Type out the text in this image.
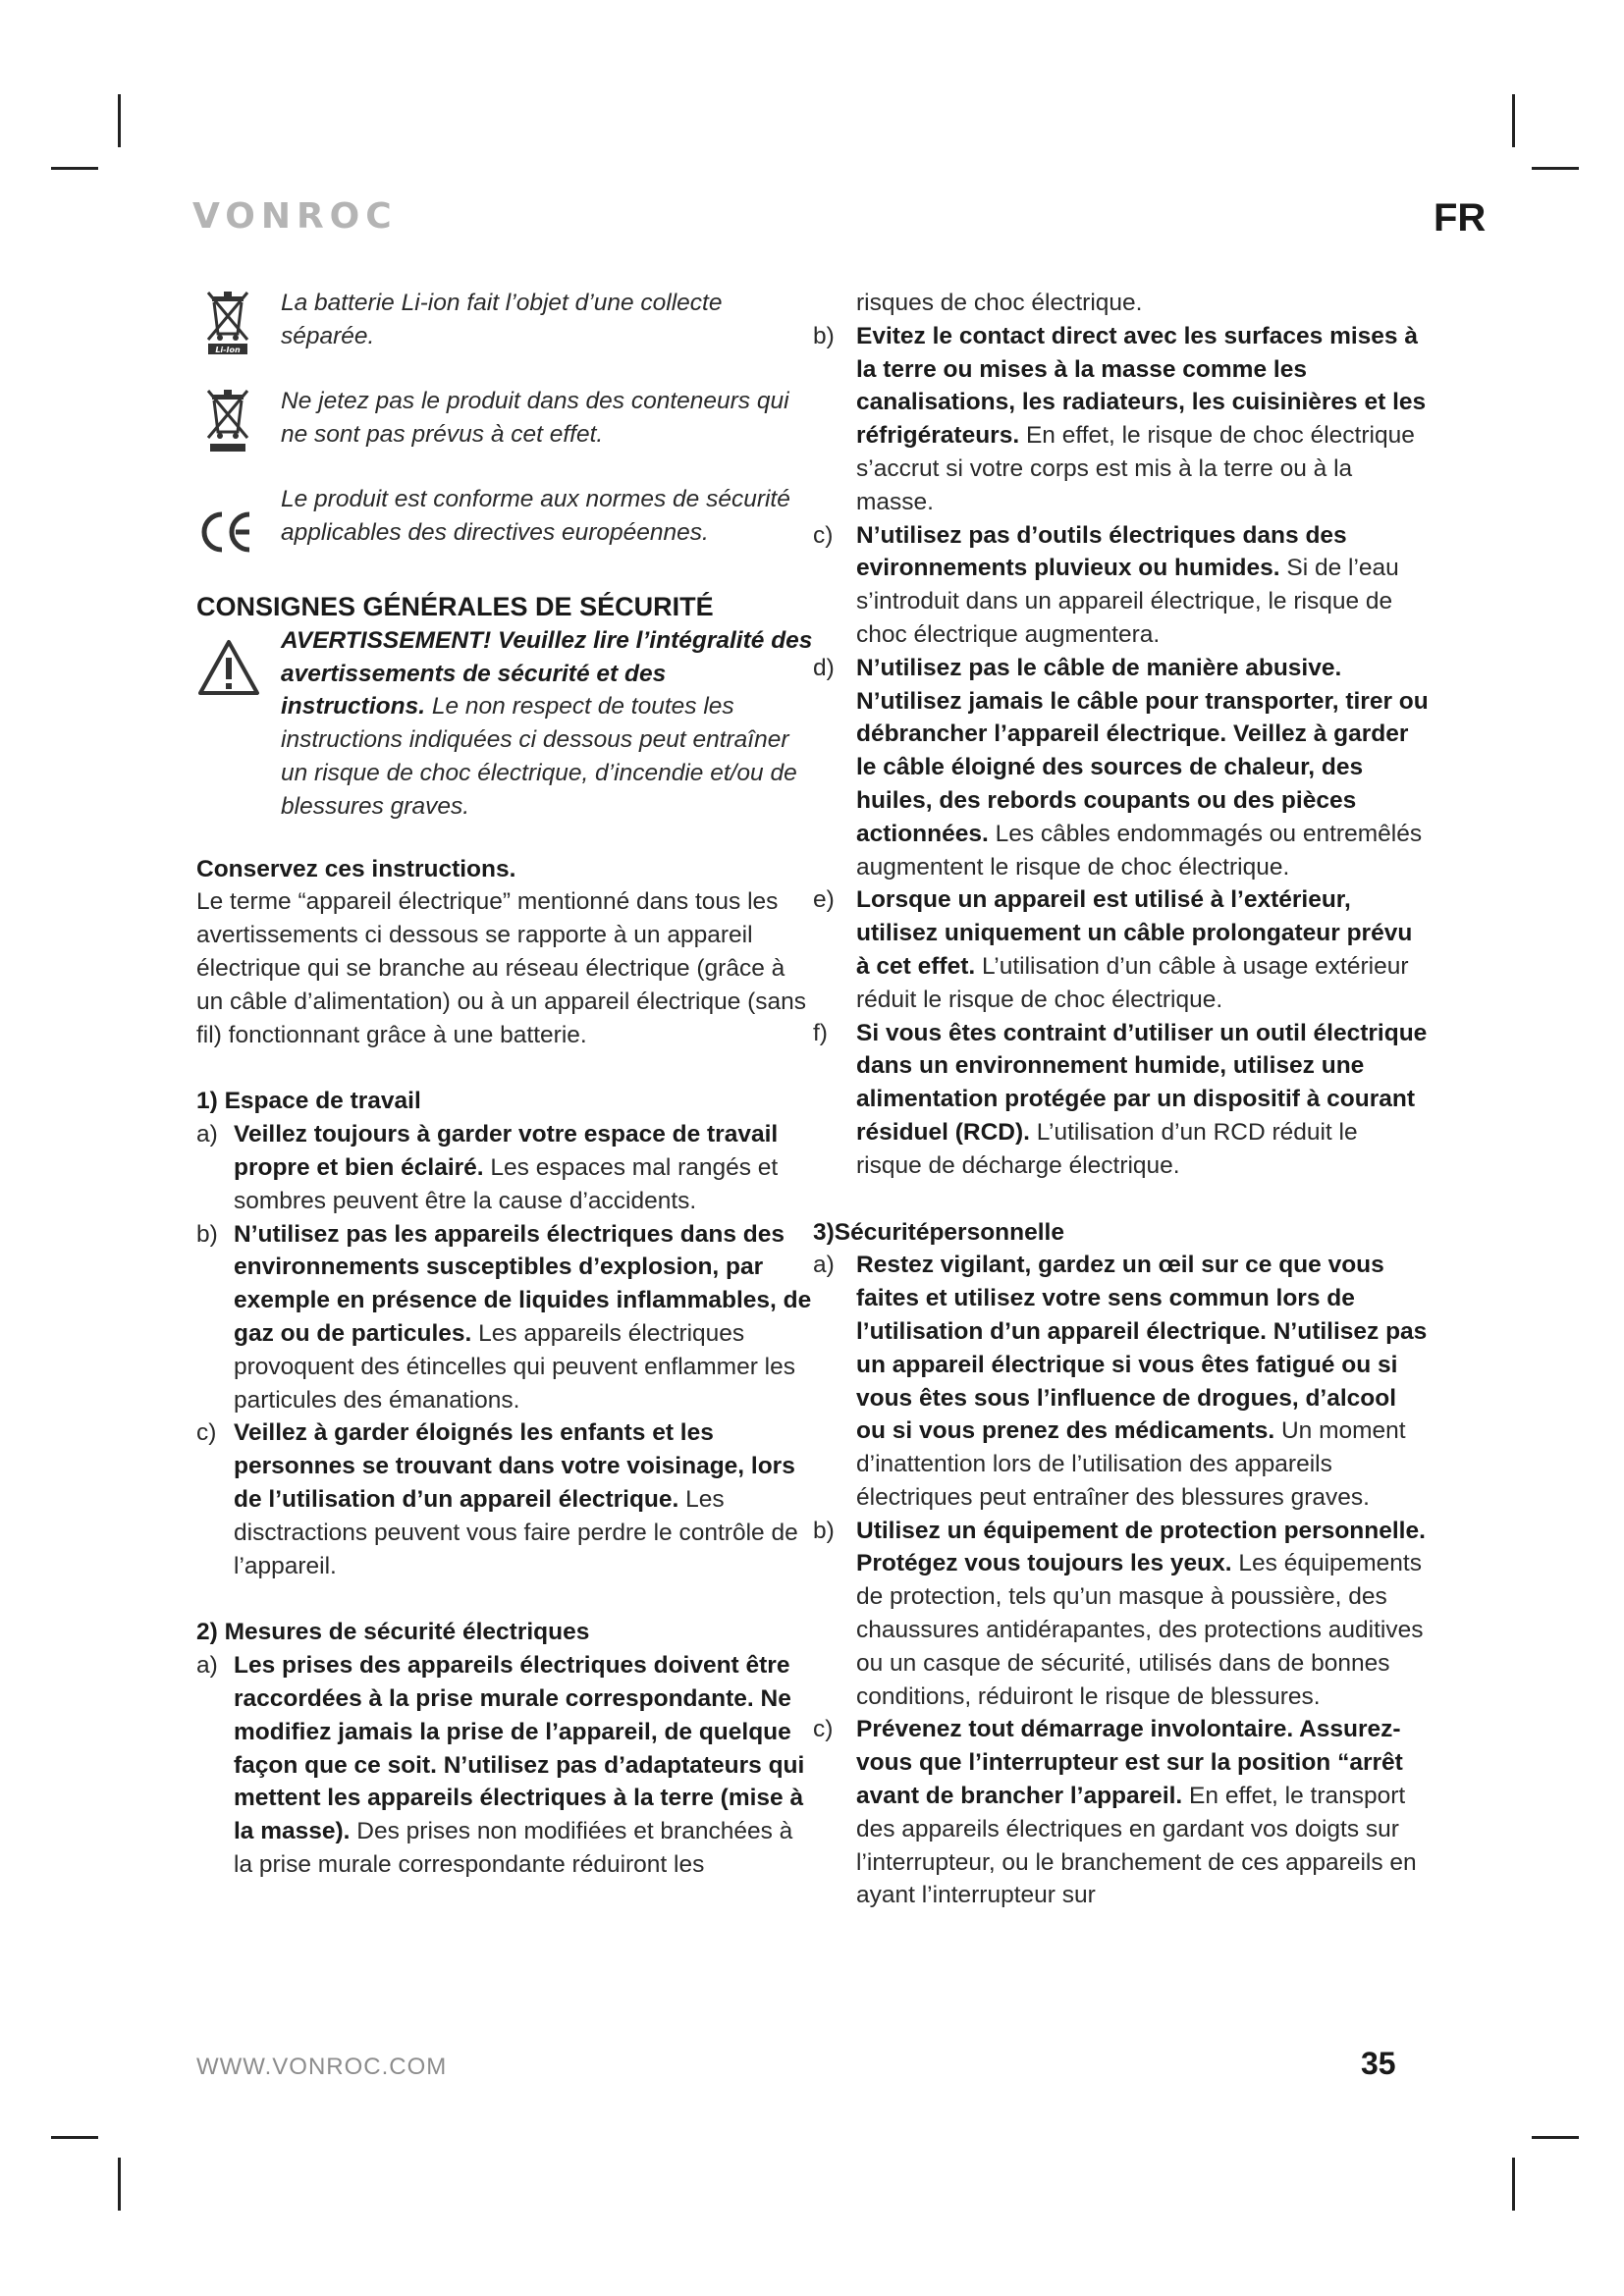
VONROC	FR
Li-Ion
La batterie Li-ion fait l’objet d’une collecte séparée.
Ne jetez pas le produit dans des conteneurs qui ne sont pas prévus à cet effet.
Le produit est conforme aux normes de sécurité applicables des directives européennes.
CONSIGNES GÉNÉRALES DE SÉCURITÉ
AVERTISSEMENT! Veuillez lire l’intégralité des avertissements de sécurité et des instructions. Le non respect de toutes les instructions indiquées ci dessous peut entraîner un risque de choc électrique, d’incendie et/ou de blessures graves.
Conservez ces instructions.
Le terme “appareil électrique” mentionné dans tous les avertissements ci dessous se rapporte à un appareil électrique qui se branche au réseau électrique (grâce à un câble d’alimentation) ou à un appareil électrique (sans fil) fonctionnant grâce à une batterie.
1) Espace de travail
a) Veillez toujours à garder votre espace de travail propre et bien éclairé. Les espaces mal rangés et sombres peuvent être la cause d’accidents.
b) N’utilisez pas les appareils électriques dans des environnements susceptibles d’explosion, par exemple en présence de liquides inflammables, de gaz ou de particules. Les appareils électriques provoquent des étincelles qui peuvent enflammer les particules des émanations.
c) Veillez à garder éloignés les enfants et les personnes se trouvant dans votre voisinage, lors de l’utilisation d’un appareil électrique. Les disctractions peuvent vous faire perdre le contrôle de l’appareil.
2) Mesures de sécurité électriques
a) Les prises des appareils électriques doivent être raccordées à la prise murale correspondante. Ne modifiez jamais la prise de l’appareil, de quelque façon que ce soit. N’utilisez pas d’adaptateurs qui mettent les appareils électriques à la terre (mise à la masse). Des prises non modifiées et branchées à la prise murale correspondante réduiront les
risques de choc électrique.
b) Evitez le contact direct avec les surfaces mises à la terre ou mises à la masse comme les canalisations, les radiateurs, les cuisinières et les réfrigérateurs. En effet, le risque de choc électrique s’accrut si votre corps est mis à la terre ou à la masse.
c) N’utilisez pas d’outils électriques dans des evironnements pluvieux ou humides. Si de l’eau s’introduit dans un appareil électrique, le risque de choc électrique augmentera.
d) N’utilisez pas le câble de manière abusive. N’utilisez jamais le câble pour transporter, tirer ou débrancher l’appareil électrique. Veillez à garder le câble éloigné des sources de chaleur, des huiles, des rebords coupants ou des pièces actionnées. Les câbles endommagés ou entremêlés augmentent le risque de choc électrique.
e) Lorsque un appareil est utilisé à l’extérieur, utilisez uniquement un câble prolongateur prévu à cet effet. L’utilisation d’un câble à usage extérieur réduit le risque de choc électrique.
f) Si vous êtes contraint d’utiliser un outil électrique dans un environnement humide, utilisez une alimentation protégée par un dispositif à courant résiduel (RCD). L’utilisation d’un RCD réduit le risque de décharge électrique.
3)Sécuritépersonnelle
a) Restez vigilant, gardez un œil sur ce que vous faites et utilisez votre sens commun lors de l’utilisation d’un appareil électrique. N’utilisez pas un appareil électrique si vous êtes fatigué ou si vous êtes sous l’influence de drogues, d’alcool ou si vous prenez des médicaments. Un moment d’inattention lors de l’utilisation des appareils électriques peut entraîner des blessures graves.
b) Utilisez un équipement de protection personnelle. Protégez vous toujours les yeux. Les équipements de protection, tels qu’un masque à poussière, des chaussures antidérapantes, des protections auditives ou un casque de sécurité, utilisés dans de bonnes conditions, réduiront le risque de blessures.
c) Prévenez tout démarrage involontaire. Assurez-vous que l’interrupteur est sur la position “arrêt avant de brancher l’appareil. En effet, le transport des appareils électriques en gardant vos doigts sur l’interrupteur, ou le branchement de ces appareils en ayant l’interrupteur sur
WWW.VONROC.COM	35
